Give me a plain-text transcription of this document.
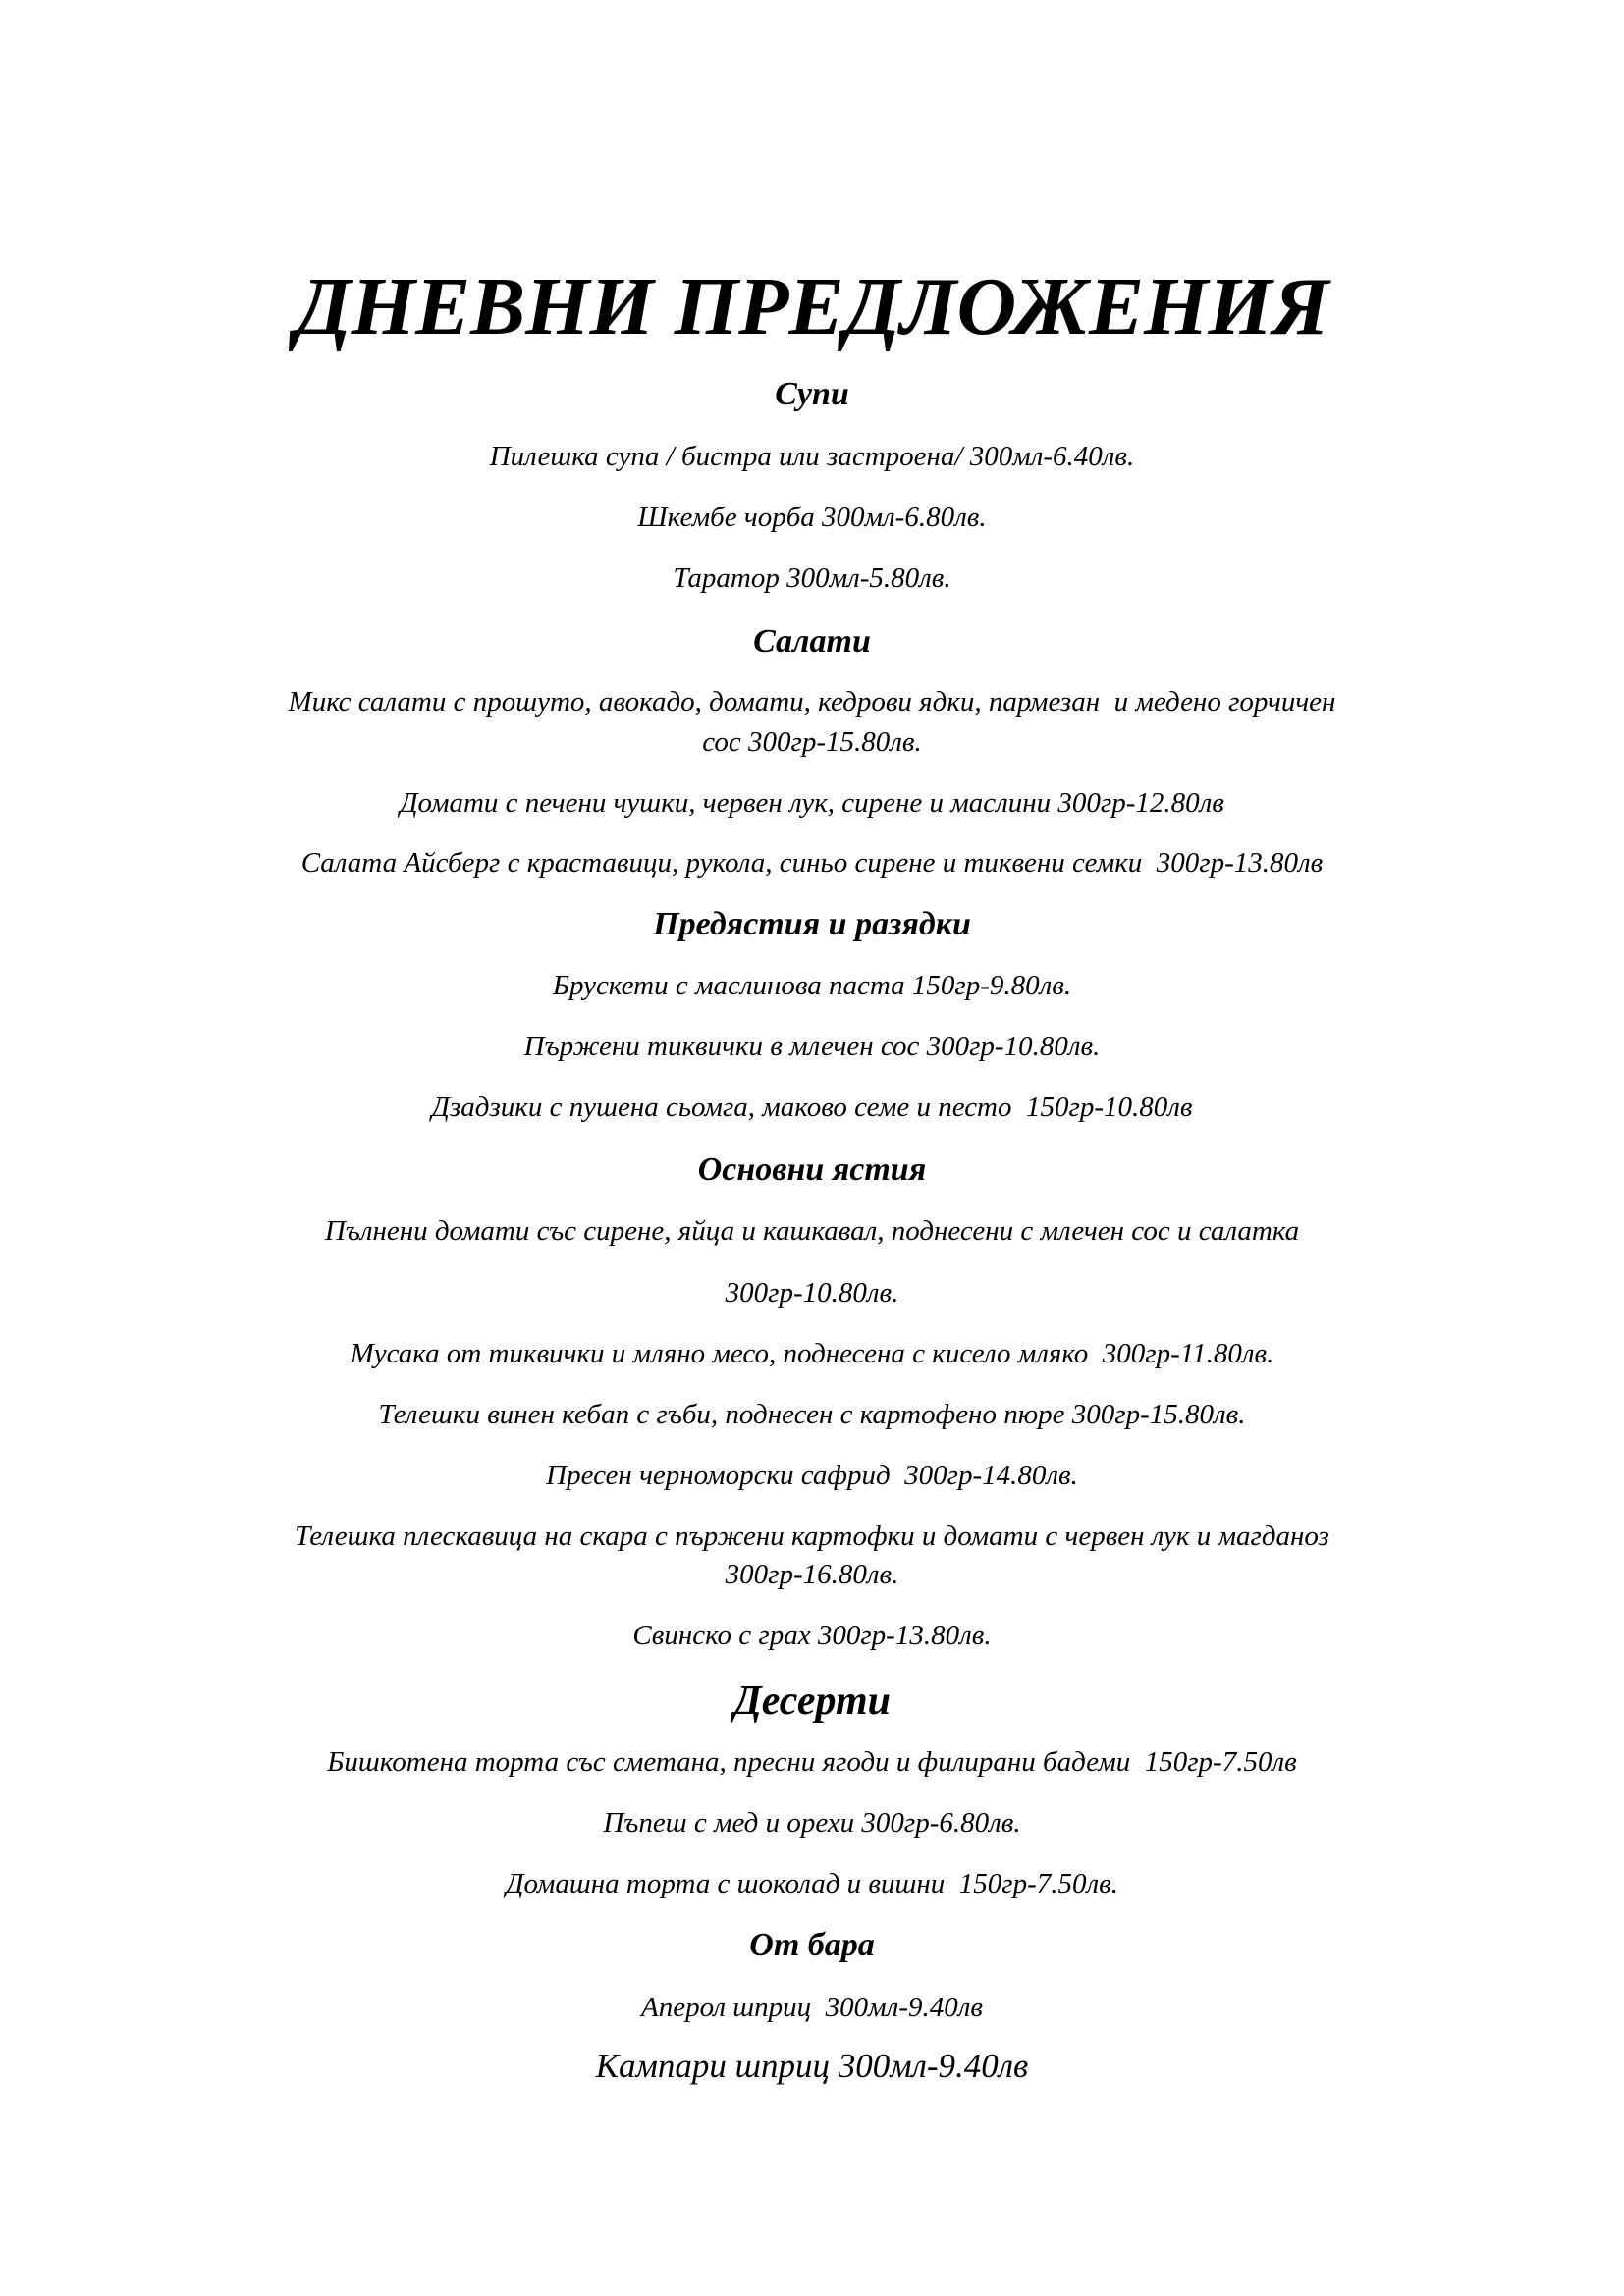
ДНЕВНИ ПРЕДЛОЖЕНИЯ
Супи

Пилешка супа / бистра или застроена/ 300мл-6.40лв.

Шкембе чорба 300мл-6.80лв.

Таратор 300мл-5.80лв.

Салати

Микс салати с прошуто, авокадо, домати, кедрови ядки, пармезан  и медено горчичен

сос 300гр-15.80лв.

Домати с печени чушки, червен лук, сирене и маслини 300гр-12.80лв

Салата Айсберг с краставици, рукола, синьо сирене и тиквени семки  300гр-13.80лв

Предястия и разядки

Брускети с маслинова паста 150гр-9.80лв.

Пържени тиквички в млечен сос 300гр-10.80лв.

Дзадзики с пушена сьомга, маково семе и песто  150гр-10.80лв

Основни ястия

Пълнени домати със сирене, яйца и кашкавал, поднесени с млечен сос и салатка

300гр-10.80лв.

Мусака от тиквички и мляно месо, поднесена с кисело мляко  300гр-11.80лв.

Телешки винен кебап с гъби, поднесен с картофено пюре 300гр-15.80лв.

Пресен черноморски сафрид  300гр-14.80лв.

Телешка плескавица на скара с пържени картофки и домати с червен лук и магданоз

300гр-16.80лв.

Свинско с грах 300гр-13.80лв.

Десерти

Бишкотена торта със сметана, пресни ягоди и филирани бадеми  150гр-7.50лв

Пъпеш с мед и орехи 300гр-6.80лв.

Домашна торта с шоколад и вишни  150гр-7.50лв.

От бара

Аперол шприц  300мл-9.40лв

Кампари шприц 300мл-9.40лв
